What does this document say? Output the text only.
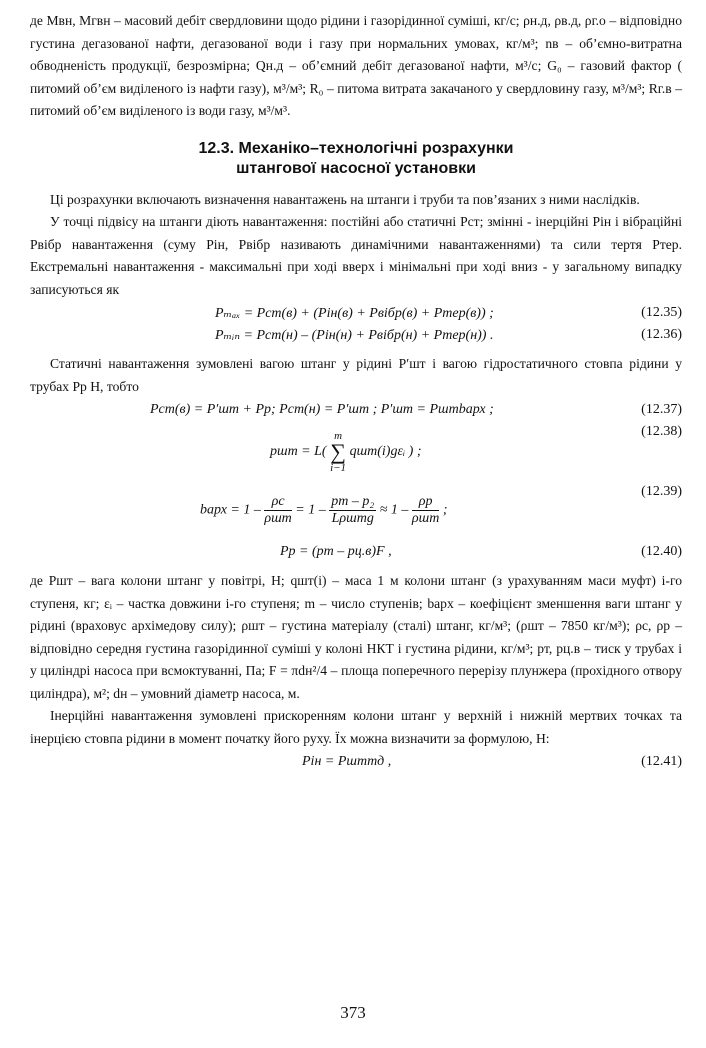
де Mвн, Mгвн – масовий дебіт свердловини щодо рідини і газорідинної суміші, кг/с; ρн.д, ρв.д, ρг.о – відповідно густина дегазованої нафти, дегазованої води і газу при нормальних умовах, кг/м³; nв – об’ємно-витратна обводненість продукції, безрозмірна; Qн.д – об’ємний дебіт дегазованої нафти, м³/с; G₀ – газовий фактор ( питомий об’єм виділеного із нафти газу), м³/м³; R₀ – питома витрата закачаного у свердловину газу, м³/м³; Rг.в – питомий об’єм виділеного із води газу, м³/м³.

12.3. Механіко–технологічні розрахунки
штангової насосної установки

Ці розрахунки включають визначення навантажень на штанги і труби та пов’язаних з ними наслідків.

У точці підвісу на штанги діють навантаження: постійні або статичні Pст; змінні - інерційні Pін і вібраційні Pвібр навантаження (суму Pін, Pвібр називають динамічними навантаженнями) та сили тертя Pтер. Екстремальні навантаження - максимальні при ході вверх і мінімальні при ході вниз - у загальному випадку записуються як

Pₘₐₓ = Pст(в) + (Pін(в) + Pвібр(в) + Pтер(в)) ;	(12.35)
Pₘᵢₙ = Pст(н) – (Pін(н) + Pвібр(н) + Pтер(н)) .	(12.36)

Статичні навантаження зумовлені вагою штанг у рідині P′шт і вагою гідростатичного стовпа рідини у трубах Pр H, тобто

Pст(в) = P′шт + Pр; Pст(н) = P′шт ; P′шт = Pштbарх ;	(12.37)
pшт = L(
m
∑
i−1
qшт(i)gεᵢ ) ;
(12.38)
bарх = $1 - \frac{\rho с}{\text{ρшт}} = 1 - \frac{\text{pт – p₂}}{\text{Lρштg}} \approx 1 - \frac{\rho р}{\text{ρшт}}$ ;
(12.39)
Pр = (pт – pц.в)F ,	(12.40)

де Pшт – вага колони штанг у повітрі, H; qшт(i) – маса 1 м колони штанг (з урахуванням маси муфт) i-го ступеня, кг; εᵢ – частка довжини i-го ступеня; m – число ступенів; bарх – коефіцієнт зменшення ваги штанг у рідині (враховус архімедову силу); ρшт – густина матеріалу (сталі) штанг, кг/м³; (ρшт – 7850 кг/м³); ρс, ρр – відповідно середня густина газорідинної суміші у колоні НКТ і густина рідини, кг/м³; pт, pц.в – тиск у трубах і у циліндрі насоса при всмоктуванні, Па; F = πdн²/4 – площа поперечного перерізу плунжера (прохідного отвору циліндра), м²; dн – умовний діаметр насоса, м.

Інерційні навантаження зумовлені прискоренням колони штанг у верхній і нижній мертвих точках та інерцією стовпа рідини в момент початку його руху. Їх можна визначити за формулою, H:

Pін = Pштmд ,	(12.41)
373
